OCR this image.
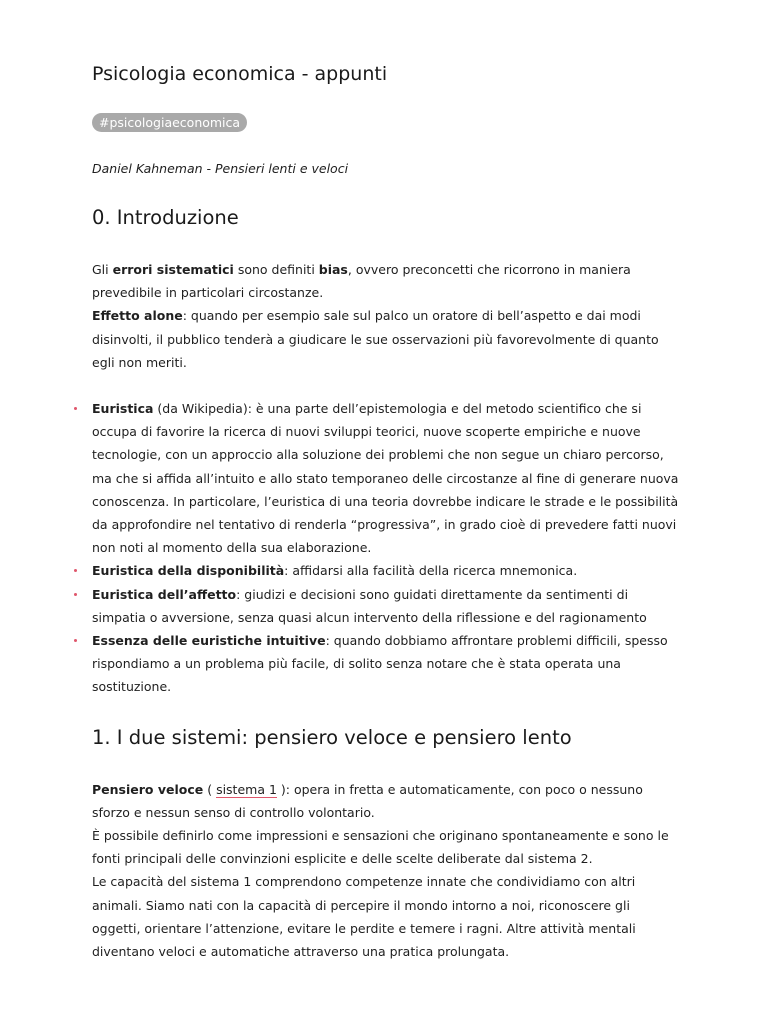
Psicologia economica - appunti
#psicologiaeconomica
Daniel Kahneman - Pensieri lenti e veloci
0. Introduzione

Gli errori sistematici sono definiti bias, ovvero preconcetti che ricorrono in maniera prevedibile in particolari circostanze.
Effetto alone: quando per esempio sale sul palco un oratore di bell’aspetto e dai modi disinvolti, il pubblico tenderà a giudicare le sue osservazioni più favorevolmente di quanto egli non meriti.

Euristica (da Wikipedia): è una parte dell’epistemologia e del metodo scientifico che si occupa di favorire la ricerca di nuovi sviluppi teorici, nuove scoperte empiriche e nuove tecnologie, con un approccio alla soluzione dei problemi che non segue un chiaro percorso, ma che si affida all’intuito e allo stato temporaneo delle circostanze al fine di generare nuova conoscenza. In particolare, l’euristica di una teoria dovrebbe indicare le strade e le possibilità da approfondire nel tentativo di renderla “progressiva”, in grado cioè di prevedere fatti nuovi non noti al momento della sua elaborazione.
Euristica della disponibilità: affidarsi alla facilità della ricerca mnemonica.
Euristica dell’affetto: giudizi e decisioni sono guidati direttamente da sentimenti di simpatia o avversione, senza quasi alcun intervento della riflessione e del ragionamento
Essenza delle euristiche intuitive: quando dobbiamo affrontare problemi difficili, spesso rispondiamo a un problema più facile, di solito senza notare che è stata operata una sostituzione.
1. I due sistemi: pensiero veloce e pensiero lento

Pensiero veloce ( sistema 1 ): opera in fretta e automaticamente, con poco o nessuno sforzo e nessun senso di controllo volontario.
È possibile definirlo come impressioni e sensazioni che originano spontaneamente e sono le fonti principali delle convinzioni esplicite e delle scelte deliberate dal sistema 2.
Le capacità del sistema 1 comprendono competenze innate che condividiamo con altri animali. Siamo nati con la capacità di percepire il mondo intorno a noi, riconoscere gli oggetti, orientare l’attenzione, evitare le perdite e temere i ragni. Altre attività mentali diventano veloci e automatiche attraverso una pratica prolungata.
